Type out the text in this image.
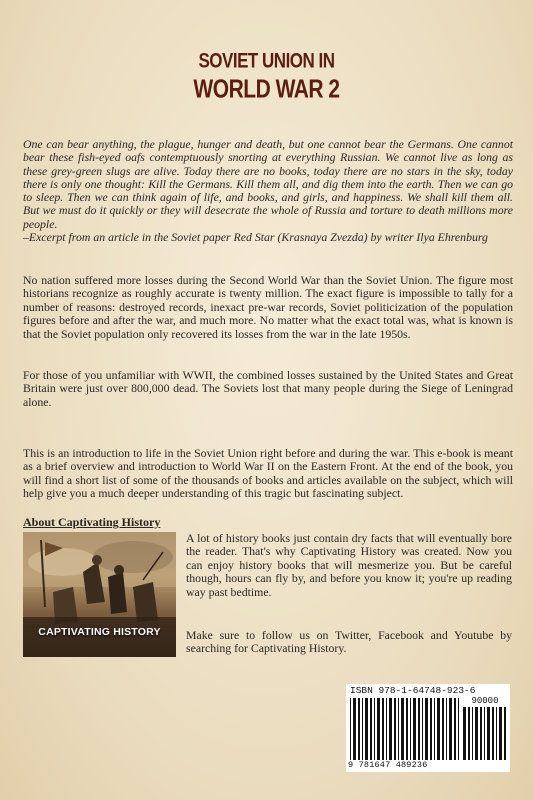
SOVIET UNION IN
WORLD WAR 2

One can bear anything, the plague, hunger and death, but one cannot bear the Germans. One cannot bear these fish-eyed oafs contemptuously snorting at everything Russian. We cannot live as long as these grey-green slugs are alive. Today there are no books, today there are no stars in the sky, today there is only one thought: Kill the Germans. Kill them all, and dig them into the earth. Then we can go to sleep. Then we can think again of life, and books, and girls, and happiness. We shall kill them all. But we must do it quickly or they will desecrate the whole of Russia and torture to death millions more people.
–Excerpt from an article in the Soviet paper Red Star (Krasnaya Zvezda) by writer Ilya Ehrenburg

No nation suffered more losses during the Second World War than the Soviet Union. The figure most historians recognize as roughly accurate is twenty million. The exact figure is impossible to tally for a number of reasons: destroyed records, inexact pre-war records, Soviet politicization of the population figures before and after the war, and much more. No matter what the exact total was, what is known is that the Soviet population only recovered its losses from the war in the late 1950s.

For those of you unfamiliar with WWII, the combined losses sustained by the United States and Great Britain were just over 800,000 dead. The Soviets lost that many people during the Siege of Leningrad alone.

This is an introduction to life in the Soviet Union right before and during the war. This e-book is meant as a brief overview and introduction to World War II on the Eastern Front. At the end of the book, you will find a short list of some of the thousands of books and articles available on the subject, which will help give you a much deeper understanding of this tragic but fascinating subject.

About Captivating History

CAPTIVATING HISTORY

A lot of history books just contain dry facts that will eventually bore the reader. That's why Captivating History was created. Now you can enjoy history books that will mesmerize you. But be careful though, hours can fly by, and before you know it; you're up reading way past bedtime.

Make sure to follow us on Twitter, Facebook and Youtube by searching for Captivating History.

ISBN 978-1-64748-923-6
90000
9 781647 489236
